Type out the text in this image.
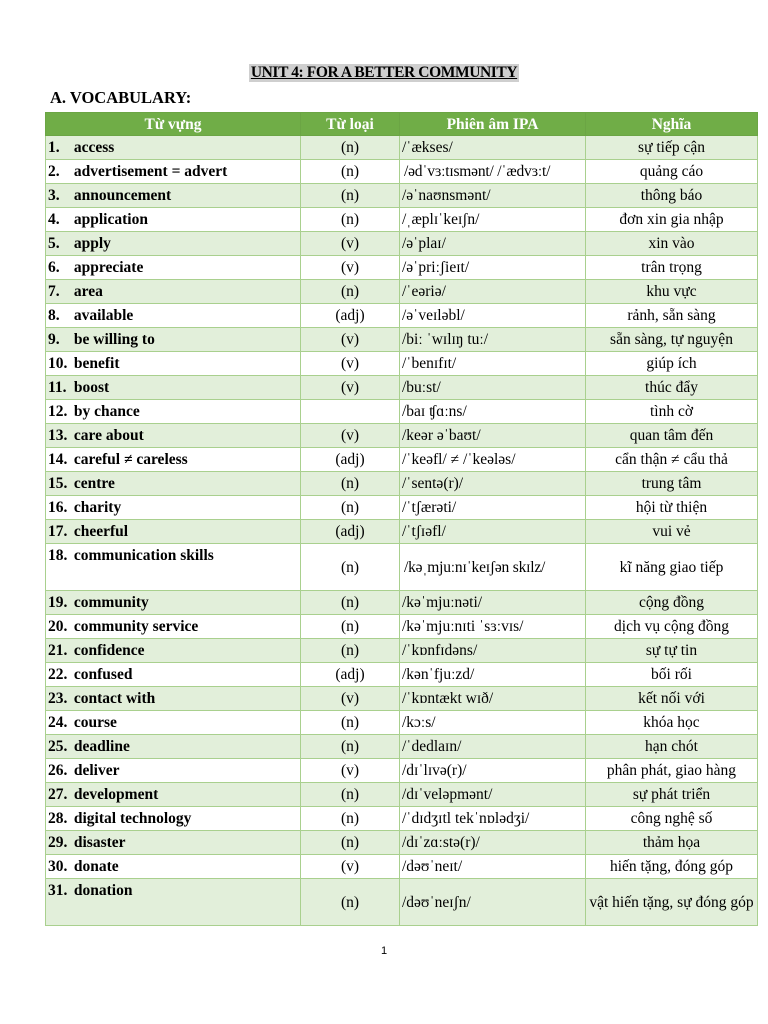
UNIT 4: FOR A BETTER COMMUNITY
A. VOCABULARY:
Từ vựng	Từ loại	Phiên âm IPA	Nghĩa
1. access	(n)	/ˈækses/	sự tiếp cận
2. advertisement = advert	(n)	/ədˈvɜːtɪsmənt/ /ˈædvɜːt/	quảng cáo
3. announcement	(n)	/əˈnaʊnsmənt/	thông báo
4. application	(n)	/ˌæplɪˈkeɪʃn/	đơn xin gia nhập
5. apply	(v)	/əˈplaɪ/	xin vào
6. appreciate	(v)	/əˈpriːʃieɪt/	trân trọng
7. area	(n)	/ˈeəriə/	khu vực
8. available	(adj)	/əˈveɪləbl/	rảnh, sẵn sàng
9. be willing to	(v)	/biː ˈwɪlɪŋ tuː/	sẵn sàng, tự nguyện
10. benefit	(v)	/ˈbenɪfɪt/	giúp ích
11. boost	(v)	/buːst/	thúc đẩy
12. by chance		/baɪ ʧɑːns/	tình cờ
13. care about	(v)	/keər əˈbaʊt/	quan tâm đến
14. careful ≠ careless	(adj)	/ˈkeəfl/ ≠ /ˈkeələs/	cẩn thận ≠ cẩu thả
15. centre	(n)	/ˈsentə(r)/	trung tâm
16. charity	(n)	/ˈtʃærəti/	hội từ thiện
17. cheerful	(adj)	/ˈtʃɪəfl/	vui vẻ
18. communication skills	(n)	/kəˌmjuːnɪˈkeɪʃən skɪlz/	kĩ năng giao tiếp
19. community	(n)	/kəˈmjuːnəti/	cộng đồng
20. community service	(n)	/kəˈmjuːnɪti ˈsɜːvɪs/	dịch vụ cộng đồng
21. confidence	(n)	/ˈkɒnfɪdəns/	sự tự tin
22. confused	(adj)	/kənˈfjuːzd/	bối rối
23. contact with	(v)	/ˈkɒntækt wɪð/	kết nối với
24. course	(n)	/kɔːs/	khóa học
25. deadline	(n)	/ˈdedlaɪn/	hạn chót
26. deliver	(v)	/dɪˈlɪvə(r)/	phân phát, giao hàng
27. development	(n)	/dɪˈveləpmənt/	sự phát triển
28. digital technology	(n)	/ˈdɪdʒɪtl tekˈnɒlədʒi/	công nghệ số
29. disaster	(n)	/dɪˈzɑːstə(r)/	thảm họa
30. donate	(v)	/dəʊˈneɪt/	hiến tặng, đóng góp
31. donation	(n)	/dəʊˈneɪʃn/	vật hiến tặng, sự đóng góp
1
